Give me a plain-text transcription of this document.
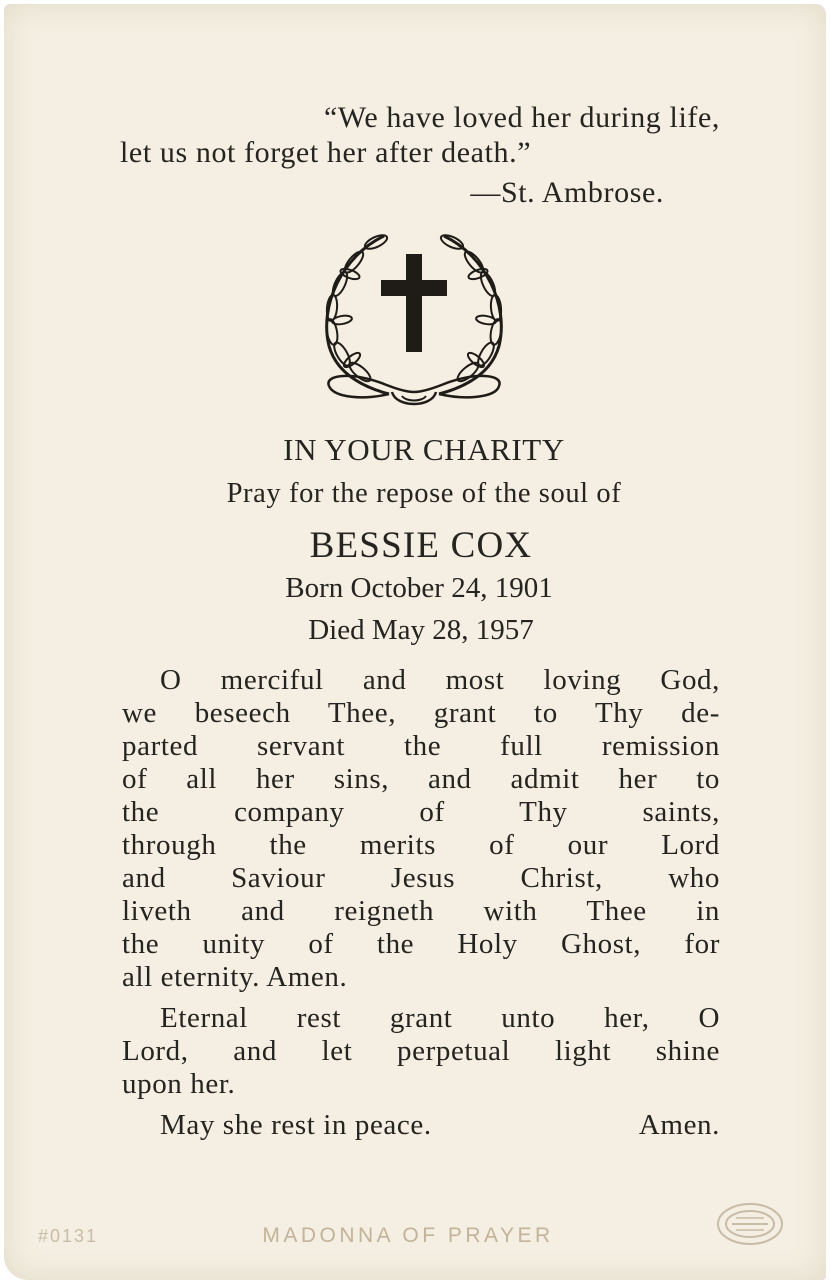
“We have loved her during life,
let us not forget her after death.”
—St. Ambrose.
IN YOUR CHARITY
Pray for the repose of the soul of
BESSIE COX
Born October 24, 1901
Died May 28, 1957
O merciful and most loving God,
we beseech Thee, grant to Thy de-
parted servant the full remission
of all her sins, and admit her to
the company of Thy saints,
through the merits of our Lord
and Saviour Jesus Christ, who
liveth and reigneth with Thee in
the unity of the Holy Ghost, for
all eternity. Amen.
Eternal rest grant unto her, O
Lord, and let perpetual light shine
upon her.
May she rest in peace.	Amen.
#0131	MADONNA OF PRAYER
